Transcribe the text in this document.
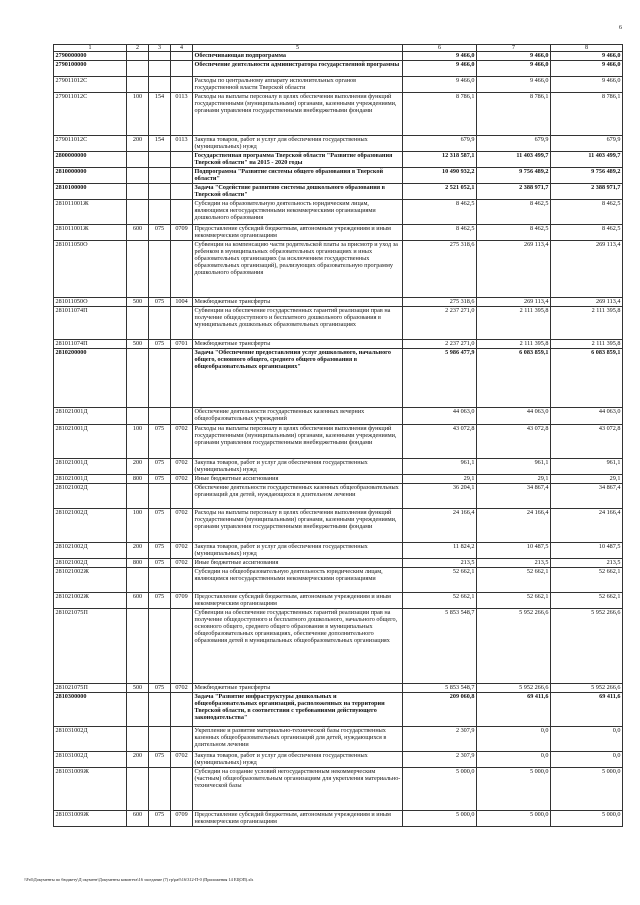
6
1	2	3	4	5	6	7	8
2790000000				Обеспечивающая подпрограмма	9 466,0	9 466,0	9 466,0
2790100000				Обеспечение деятельности администратора государственной программы	9 466,0	9 466,0	9 466,0
279011012С				Расходы по центральному аппарату исполнительных органов государственной власти Тверской области	9 466,0	9 466,0	9 466,0
279011012С	100	154	0113	Расходы на выплаты персоналу в целях обеспечения выполнения функций государственными (муниципальными) органами, казенными учреждениями, органами управления государственными внебюджетными фондами	8 786,1	8 786,1	8 786,1
279011012С	200	154	0113	Закупка товаров, работ и услуг для обеспечения государственных (муниципальных) нужд	679,9	679,9	679,9
2800000000				Государственная программа Тверской области "Развитие образования Тверской области" на 2015 - 2020 годы	12 318 587,1	11 403 499,7	11 403 499,7
2810000000				Подпрограмма "Развитие системы общего образования в Тверской области"	10 490 932,2	9 756 489,2	9 756 489,2
2810100000				Задача "Содействие развитию системы дошкольного образования в Тверской области"	2 521 052,1	2 388 971,7	2 388 971,7
281011001Ж				Субсидии на образовательную деятельность юридическим лицам, являющимся негосударственными некоммерческими организациями дошкольного образования	8 462,5	8 462,5	8 462,5
281011001Ж	600	075	0709	Предоставление субсидий бюджетным, автономным учреждениям и иным некоммерческим организациям	8 462,5	8 462,5	8 462,5
281011050О				Субвенции на компенсацию части родительской платы за присмотр и уход за ребенком в муниципальных образовательных организациях и иных образовательных организациях (за исключением государственных образовательных организаций), реализующих образовательную программу дошкольного образования	275 318,6	269 113,4	269 113,4
281011050О	500	075	1004	Межбюджетные трансферты	275 318,6	269 113,4	269 113,4
281011074П				Субвенции на обеспечение государственных гарантий реализации прав на получение общедоступного и бесплатного дошкольного образования в муниципальных дошкольных образовательных организациях	2 237 271,0	2 111 395,8	2 111 395,8
281011074П	500	075	0701	Межбюджетные трансферты	2 237 271,0	2 111 395,8	2 111 395,8
2810200000				Задача "Обеспечение предоставления услуг дошкольного, начального общего, основного общего, среднего общего образования в общеобразовательных организациях"	5 986 477,9	6 083 859,1	6 083 859,1
281021001Д				Обеспечение деятельности государственных казенных вечерних общеобразовательных учреждений	44 063,0	44 063,0	44 063,0
281021001Д	100	075	0702	Расходы на выплаты персоналу в целях обеспечения выполнения функций государственными (муниципальными) органами, казенными учреждениями, органами управления государственными внебюджетными фондами	43 072,8	43 072,8	43 072,8
281021001Д	200	075	0702	Закупка товаров, работ и услуг для обеспечения государственных (муниципальных) нужд	961,1	961,1	961,1
281021001Д	800	075	0702	Иные бюджетные ассигнования	29,1	29,1	29,1
281021002Д				Обеспечение деятельности государственных казенных общеобразовательных организаций для детей, нуждающихся в длительном лечении	36 204,1	34 867,4	34 867,4
281021002Д	100	075	0702	Расходы на выплаты персоналу в целях обеспечения выполнения функций государственными (муниципальными) органами, казенными учреждениями, органами управления государственными внебюджетными фондами	24 166,4	24 166,4	24 166,4
281021002Д	200	075	0702	Закупка товаров, работ и услуг для обеспечения государственных (муниципальных) нужд	11 824,2	10 487,5	10 487,5
281021002Д	800	075	0702	Иные бюджетные ассигнования	213,5	213,5	213,5
281021002Ж				Субсидии на общеобразовательную деятельность юридическим лицам, являющимся негосударственными некоммерческими организациями	52 662,1	52 662,1	52 662,1
281021002Ж	600	075	0709	Предоставление субсидий бюджетным, автономным учреждениям и иным некоммерческим организациям	52 662,1	52 662,1	52 662,1
281021075П				Субвенции на обеспечение государственных гарантий реализации прав на получение общедоступного и бесплатного дошкольного, начального общего, основного общего, среднего общего образования в муниципальных общеобразовательных организациях, обеспечение дополнительного образования детей в муниципальных общеобразовательных организациях	5 853 548,7	5 952 266,6	5 952 266,6
281021075П	500	075	0702	Межбюджетные трансферты	5 853 548,7	5 952 266,6	5 952 266,6
2810300000				Задача "Развитие инфраструктуры дошкольных и общеобразовательных организаций, расположенных на территории Тверской области, в соответствии с требованиями действующего законодательства"	209 060,8	69 411,6	69 411,6
281031002Д				Укрепление и развитие материально-технической базы государственных казенных общеобразовательных организаций для детей, нуждающихся в длительном лечении	2 307,9	0,0	0,0
281031002Д	200	075	0702	Закупка товаров, работ и услуг для обеспечения государственных (муниципальных) нужд	2 307,9	0,0	0,0
281031009Ж				Субсидии на создание условий негосударственным некоммерческим (частным) общеобразовательным организациям для укрепления материально-технической базы	5 000,0	5 000,0	5 000,0
281031009Ж	600	075	0709	Предоставление субсидий бюджетным, автономным учреждениям и иным некоммерческим организациям	5 000,0	5 000,0	5 000,0
\\Fs6\Документы по бюджету\Д окумент\Документы комитета\16 заседание (7) гр\раб\16\312-П-0 (Приложения 14 ЕЦОП).xls
